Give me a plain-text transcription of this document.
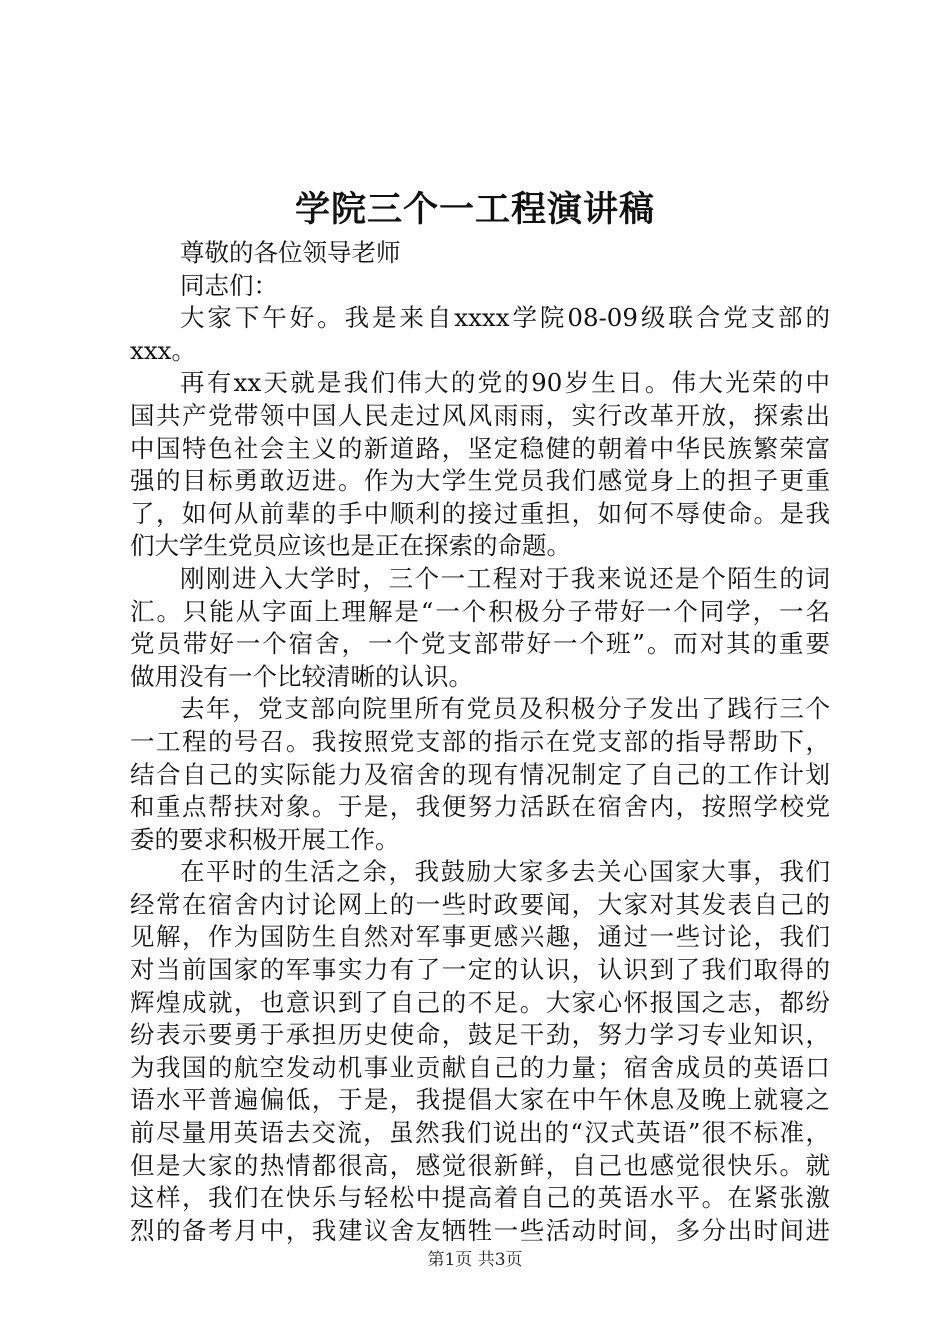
学院三个一工程演讲稿
尊敬的各位领导老师
同志们：
大家下午好。我是来自xxxx学院08-09级联合党支部的
xxx。
再有xx天就是我们伟大的党的90岁生日。伟大光荣的中
国共产党带领中国人民走过风风雨雨，实行改革开放，探索出
中国特色社会主义的新道路，坚定稳健的朝着中华民族繁荣富
强的目标勇敢迈进。作为大学生党员我们感觉身上的担子更重
了，如何从前辈的手中顺利的接过重担，如何不辱使命。是我
们大学生党员应该也是正在探索的命题。
刚刚进入大学时，三个一工程对于我来说还是个陌生的词
汇。只能从字面上理解是“一个积极分子带好一个同学，一名
党员带好一个宿舍，一个党支部带好一个班”。而对其的重要
做用没有一个比较清晰的认识。
去年，党支部向院里所有党员及积极分子发出了践行三个
一工程的号召。我按照党支部的指示在党支部的指导帮助下，
结合自己的实际能力及宿舍的现有情况制定了自己的工作计划
和重点帮扶对象。于是，我便努力活跃在宿舍内，按照学校党
委的要求积极开展工作。
在平时的生活之余，我鼓励大家多去关心国家大事，我们
经常在宿舍内讨论网上的一些时政要闻，大家对其发表自己的
见解，作为国防生自然对军事更感兴趣，通过一些讨论，我们
对当前国家的军事实力有了一定的认识，认识到了我们取得的
辉煌成就，也意识到了自己的不足。大家心怀报国之志，都纷
纷表示要勇于承担历史使命，鼓足干劲，努力学习专业知识，
为我国的航空发动机事业贡献自己的力量；宿舍成员的英语口
语水平普遍偏低，于是，我提倡大家在中午休息及晚上就寝之
前尽量用英语去交流，虽然我们说出的“汉式英语”很不标准，
但是大家的热情都很高，感觉很新鲜，自己也感觉很快乐。就
这样，我们在快乐与轻松中提高着自己的英语水平。在紧张激
烈的备考月中，我建议舍友牺牲一些活动时间，多分出时间进
第1页 共3页
